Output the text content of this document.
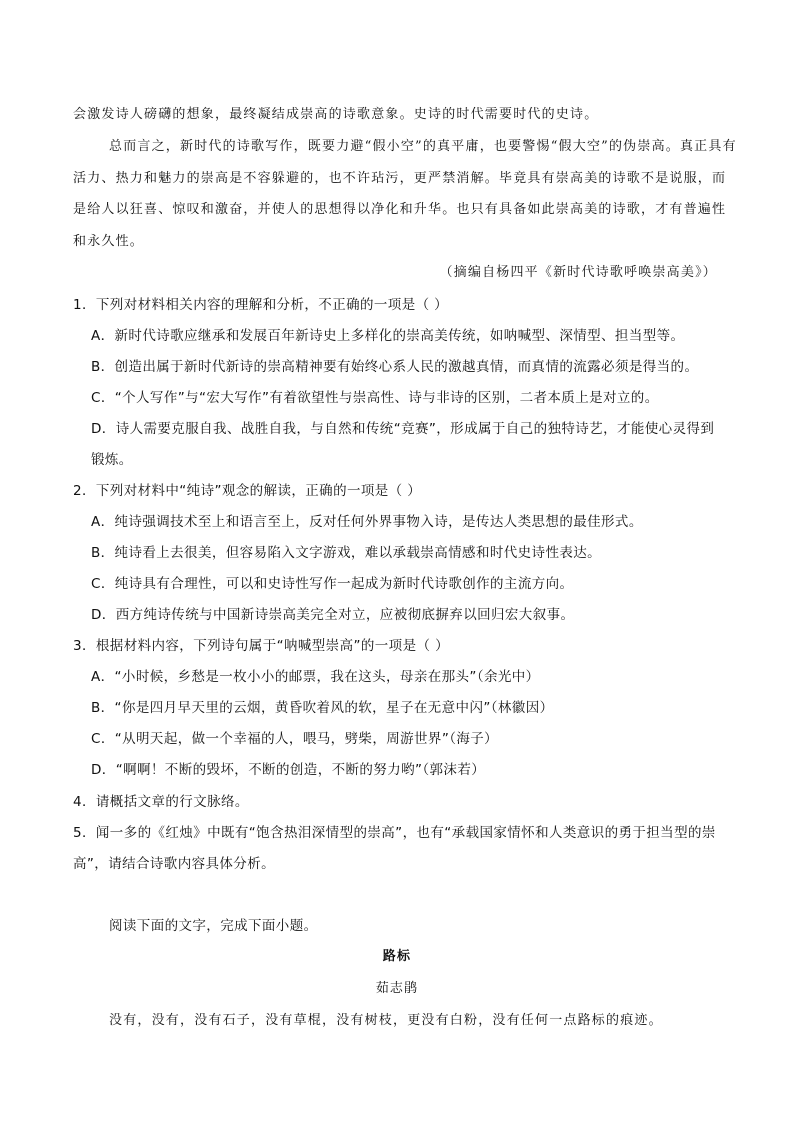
会激发诗人磅礴的想象，最终凝结成崇高的诗歌意象。史诗的时代需要时代的史诗。
总而言之，新时代的诗歌写作，既要力避“假小空”的真平庸，也要警惕“假大空”的伪崇高。真正具有
活力、热力和魅力的崇高是不容躲避的，也不许玷污，更严禁消解。毕竟具有崇高美的诗歌不是说服，而
是给人以狂喜、惊叹和激奋，并使人的思想得以净化和升华。也只有具备如此崇高美的诗歌，才有普遍性
和永久性。
（摘编自杨四平《新时代诗歌呼唤崇高美》）
1．下列对材料相关内容的理解和分析，不正确的一项是（ ）
A．新时代诗歌应继承和发展百年新诗史上多样化的崇高美传统，如呐喊型、深情型、担当型等。
B．创造出属于新时代新诗的崇高精神要有始终心系人民的激越真情，而真情的流露必须是得当的。
C．“个人写作”与“宏大写作”有着欲望性与崇高性、诗与非诗的区别，二者本质上是对立的。
D．诗人需要克服自我、战胜自我，与自然和传统“竞赛”，形成属于自己的独特诗艺，才能使心灵得到
锻炼。
2．下列对材料中“纯诗”观念的解读，正确的一项是（ ）
A．纯诗强调技术至上和语言至上，反对任何外界事物入诗，是传达人类思想的最佳形式。
B．纯诗看上去很美，但容易陷入文字游戏，难以承载崇高情感和时代史诗性表达。
C．纯诗具有合理性，可以和史诗性写作一起成为新时代诗歌创作的主流方向。
D．西方纯诗传统与中国新诗崇高美完全对立，应被彻底摒弃以回归宏大叙事。
3．根据材料内容，下列诗句属于“呐喊型崇高”的一项是（ ）
A．“小时候，乡愁是一枚小小的邮票，我在这头，母亲在那头”（余光中）
B．“你是四月早天里的云烟，黄昏吹着风的软，星子在无意中闪”（林徽因）
C．“从明天起，做一个幸福的人，喂马，劈柴，周游世界”（海子）
D．“啊啊！不断的毁坏，不断的创造，不断的努力哟”（郭沫若）
4．请概括文章的行文脉络。
5．闻一多的《红烛》中既有“饱含热泪深情型的崇高”，也有“承载国家情怀和人类意识的勇于担当型的崇
高”，请结合诗歌内容具体分析。
阅读下面的文字，完成下面小题。
路标
茹志鹃
没有，没有，没有石子，没有草棍，没有树枝，更没有白粉，没有任何一点路标的痕迹。
